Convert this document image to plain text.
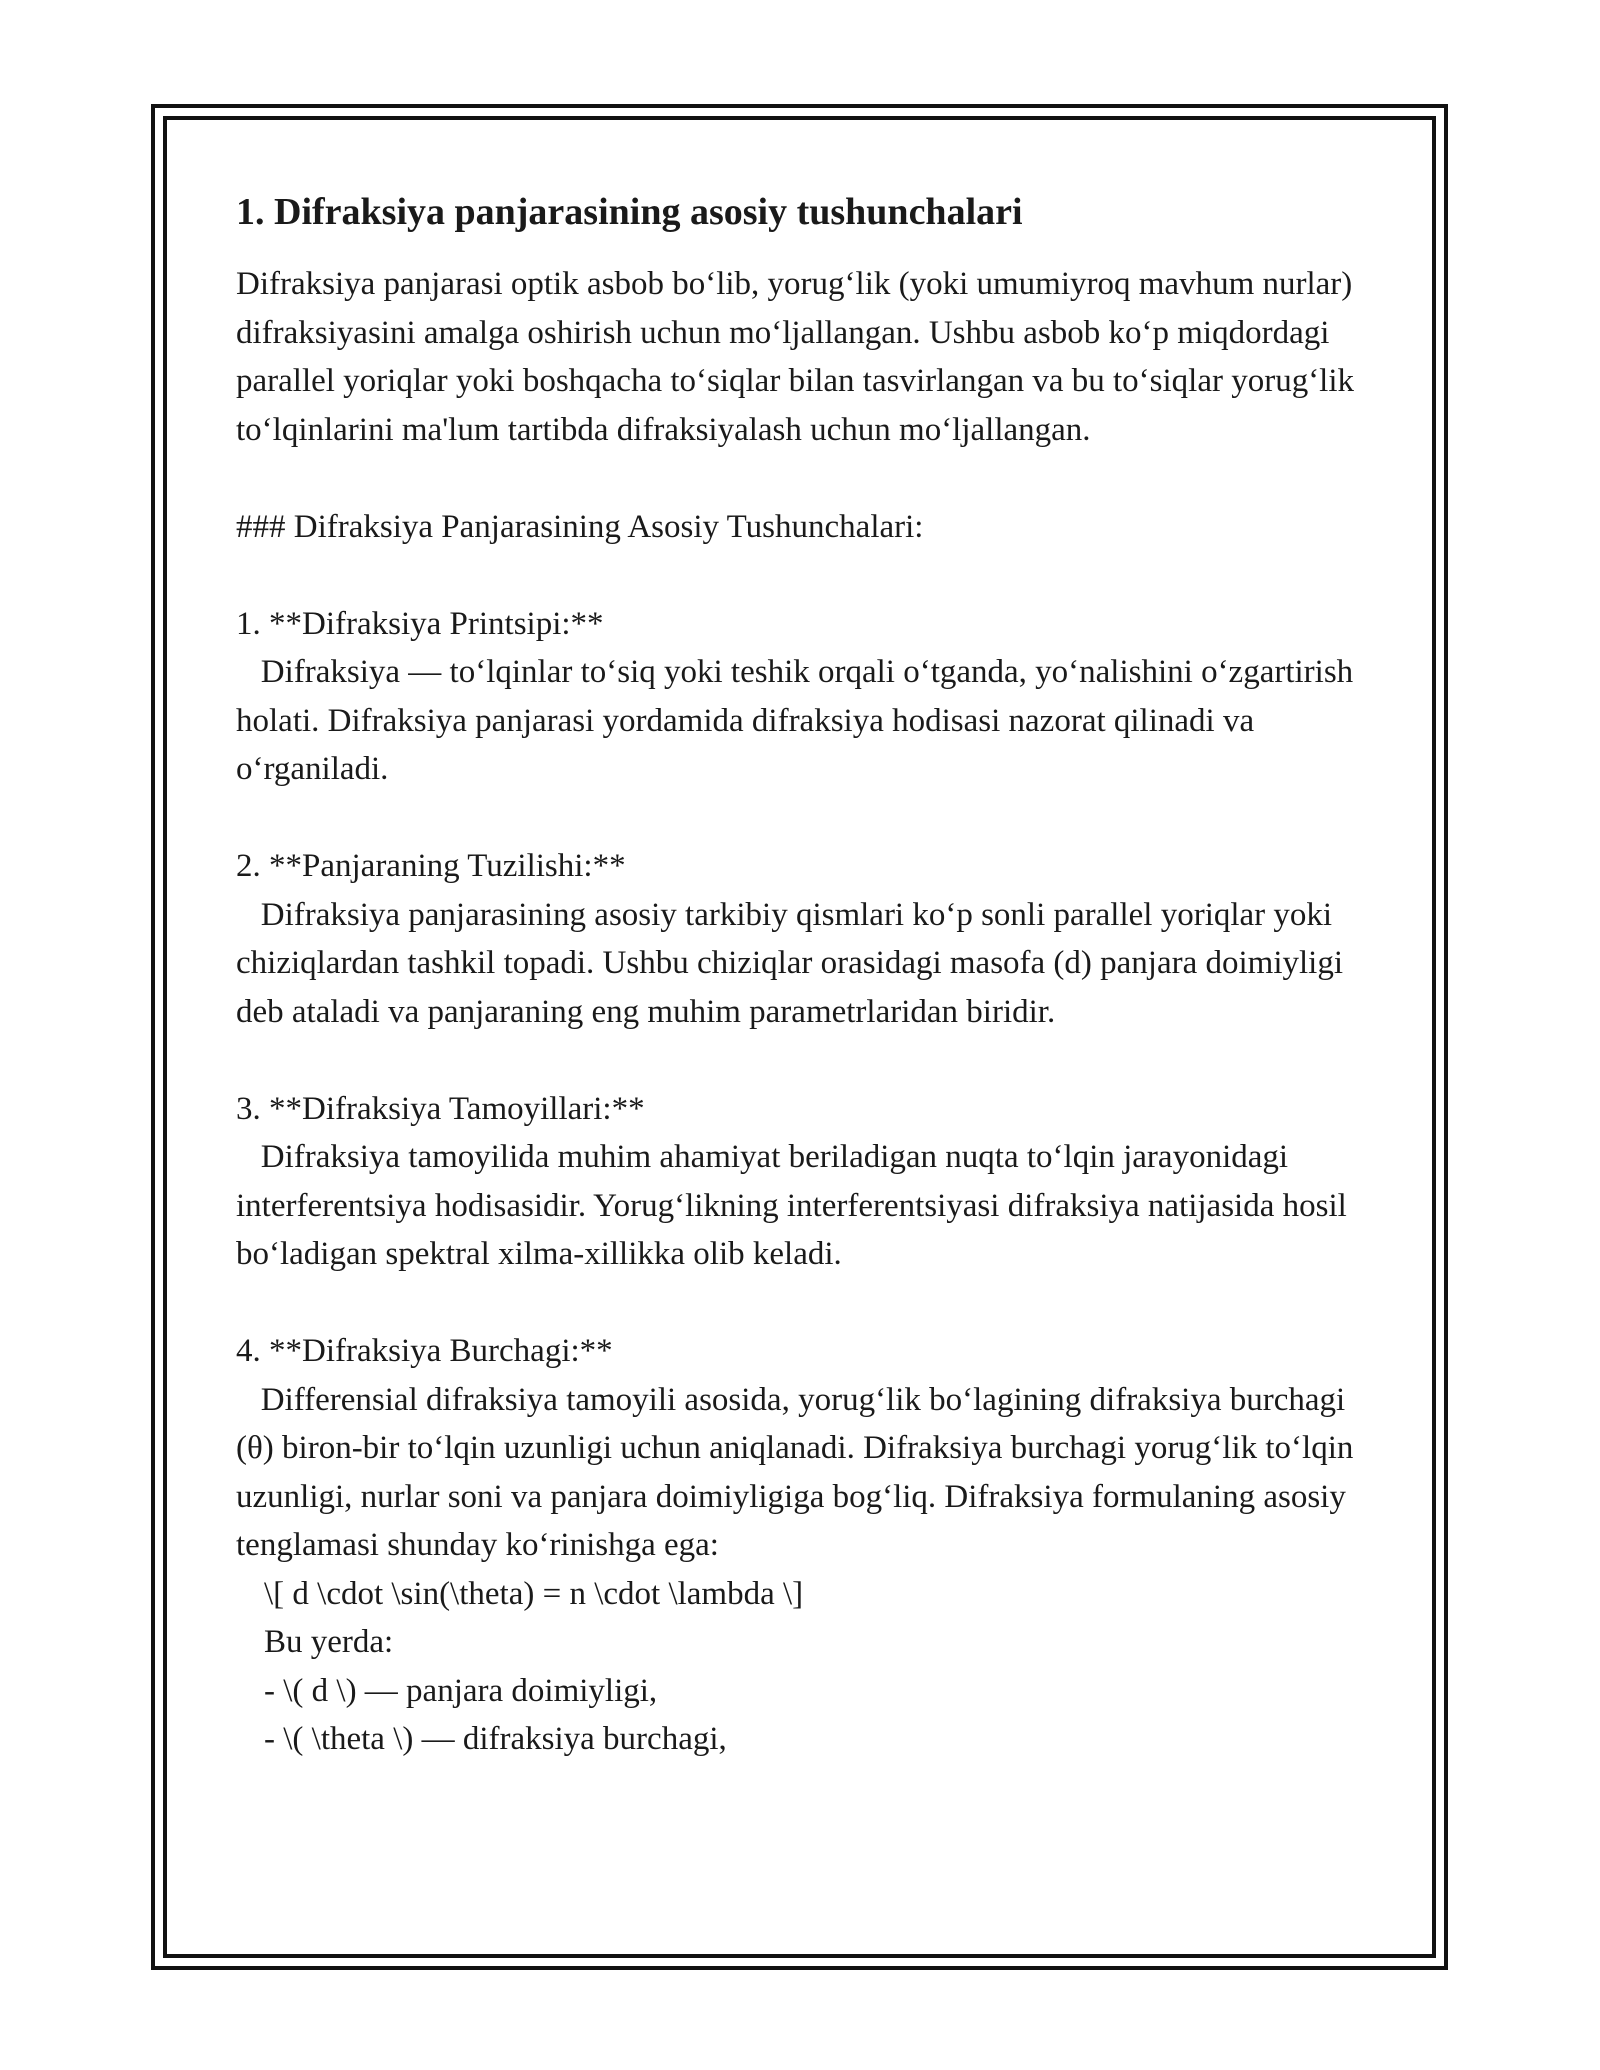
1. Difraksiya panjarasining asosiy tushunchalari

Difraksiya panjarasi optik asbob bo‘lib, yorug‘lik (yoki umumiyroq mavhum nurlar) difraksiyasini amalga oshirish uchun mo‘ljallangan. Ushbu asbob ko‘p miqdordagi parallel yoriqlar yoki boshqacha to‘siqlar bilan tasvirlangan va bu to‘siqlar yorug‘lik to‘lqinlarini ma'lum tartibda difraksiyalash uchun mo‘ljallangan.

### Difraksiya Panjarasining Asosiy Tushunchalari:

1. **Difraksiya Printsipi:**

Difraksiya — to‘lqinlar to‘siq yoki teshik orqali o‘tganda, yo‘nalishini o‘zgartirish holati. Difraksiya panjarasi yordamida difraksiya hodisasi nazorat qilinadi va o‘rganiladi.

2. **Panjaraning Tuzilishi:**

Difraksiya panjarasining asosiy tarkibiy qismlari ko‘p sonli parallel yoriqlar yoki chiziqlardan tashkil topadi. Ushbu chiziqlar orasidagi masofa (d) panjara doimiyligi deb ataladi va panjaraning eng muhim parametrlaridan biridir.

3. **Difraksiya Tamoyillari:**

Difraksiya tamoyilida muhim ahamiyat beriladigan nuqta to‘lqin jarayonidagi interferentsiya hodisasidir. Yorug‘likning interferentsiyasi difraksiya natijasida hosil bo‘ladigan spektral xilma-xillikka olib keladi.

4. **Difraksiya Burchagi:**

Differensial difraksiya tamoyili asosida, yorug‘lik bo‘lagining difraksiya burchagi (θ) biron-bir to‘lqin uzunligi uchun aniqlanadi. Difraksiya burchagi yorug‘lik to‘lqin uzunligi, nurlar soni va panjara doimiyligiga bog‘liq. Difraksiya formulaning asosiy tenglamasi shunday ko‘rinishga ega:

\[ d \cdot \sin(\theta) = n \cdot \lambda \]

Bu yerda:

- \( d \) — panjara doimiyligi,

- \( \theta \) — difraksiya burchagi,
